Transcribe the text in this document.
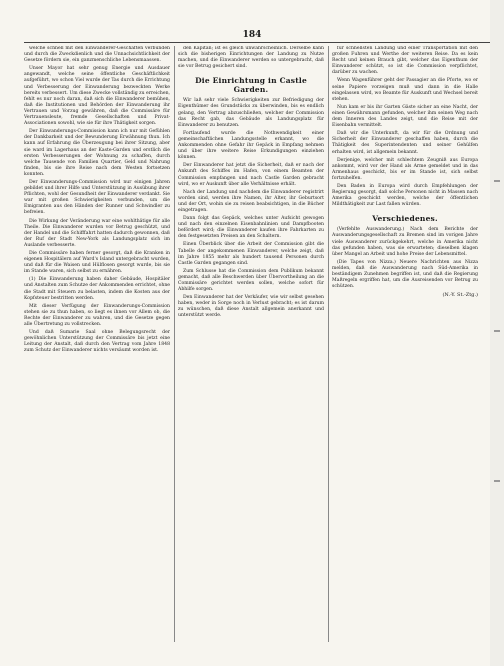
184

welche schnell mit den Einwanderer-Geschäften verbunden und durch die Zweckdienlich und die Unnachsichtlichkeit der Gesetze fördern sie, ein ganzmenschliche Lebensmaassen.

Unser Mayor hat sehr genug Energie und Ausdauer angewandt, welche seine öffentliche Geschäftlichkeit aufgeführt, wo schon Viel wurde der Tas durch die Errichtung und Verbesserung der Einwanderung bezweckten Werke bereits verbessert. Um diese Zwecke vollständig zu erreichen, fehlt es nur noch daran, daß sich die Einwanderer bemühen, daß die Institutionen und Behörden der Einwanderung ihr Vertrauen und Vorzug gewähren, daß die Commissäre für Vertrauensleute, fremde Gesellschaften und Privat-Associationen sowohl, wie sie für ihre Thätigkeit sorgen.

Der Einwanderungs-Commission kann ich nur mit Gefühlen der Dankbarkeit und der Bewunderung Erwähnung thun. Ich kann auf Erfahrung die Überzeugung bei ihrer Sitzung, aber sie ward im Lagerhaus an der Kaste-Garden und erstlich die ersten Verbesserungen der Wohnung zu schaffen, durch welche Tausende von Familien Quartier, Geld und Nahrung finden, bis sie ihre Reise nach dem Westen fortsetzen konnten.

Der Einwanderungs-Commission wird nur einigen Jahren gebildet und ihrer Hilfe und Unterstützung in Ausübung ihrer Pflichten, wohl der Gesundheit der Einwanderer verdankt. Sie war mit großen Schwierigkeiten verbunden, um die Emigranten aus den Händen der Runner und Schwindler zu befreien.

Die Wirkung der Veränderung war eine wohlthätige für alle Theile. Die Einwanderer wurden vor Betrug geschützt, und der Handel und die Schifffahrt hatten dadurch gewonnen, daß der Ruf der Stadt New-York als Landungsplatz sich im Auslande verbesserte.

Die Commissäre haben ferner gesorgt, daß die Kranken in eigenen Hospitälern auf Ward's Island untergebracht wurden, und daß für die Waisen und Hülflosen gesorgt wurde, bis sie im Stande waren, sich selbst zu ernähren.

(1) Die Einwanderung haben daher Gebäude, Hospitäler und Anstalten zum Schutze der Ankommenden errichtet, ohne die Stadt mit Steuern zu belasten, indem die Kosten aus der Kopfsteuer bestritten werden.

Mit dieser Verfügung der Einwanderungs-Commission stehen sie zu thun haben, so liegt es ihnen vor Allem ob, die Rechte der Einwanderer zu wahren, und die Gesetze gegen alle Übertretung zu vollstrecken.

Und daß Sumarie Saal ohne Belegungsrecht der gewöhnlichen Unterstützung der Commissäre bis jetzt eine Leitung der Anstalt, daß durch den Vertrag vom Jahre 1848 zum Schutz der Einwanderer nichts versäumt worden ist.

den Kapitän; ist es gleich unwahrscheinlich. Derselbe kann sich die bisherigen Einrichtungen der Landung zu Nutze machen, und die Einwanderer werden so untergebracht, daß sie vor Betrug gesichert sind.

Die Einrichtung in Castle Garden.

Wir laß sehr viele Schwierigkeiten zur Befriedigung der Eigenthümer des Grundstücks zu überwinden, bis es endlich gelang, den Vertrag abzuschließen, welcher der Commission das Recht gab, das Gebäude als Landungsplatz für Einwanderer zu benutzen.

Fortlaufend wurde die Nothwendigkeit einer gemeinschaftlichen Landungsstelle erkannt, wo die Ankommenden ohne Gefahr ihr Gepäck in Empfang nehmen und über ihre weitere Reise Erkundigungen einziehen können.

Der Einwanderer hat jetzt die Sicherheit, daß er nach der Ankunft des Schiffes im Hafen, von einem Beamten der Commission empfangen und nach Castle Garden gebracht wird, wo er Auskunft über alle Verhältnisse erhält.

Nach der Landung und nachdem die Einwanderer registrirt worden sind, werden ihre Namen, ihr Alter, ihr Geburtsort und der Ort, wohin sie zu reisen beabsichtigen, in die Bücher eingetragen.

Dann folgt das Gepäck, welches unter Aufsicht gewogen und nach den einzelnen Eisenbahnlinien und Dampfbooten befördert wird; die Einwanderer kaufen ihre Fahrkarten zu den festgesetzten Preisen an den Schaltern.

Einen Überblick über die Arbeit der Commission gibt die Tabelle der angekommenen Einwanderer, welche zeigt, daß im Jahre 1855 mehr als hundert tausend Personen durch Castle Garden gegangen sind.

Zum Schlusse hat die Commission dem Publikum bekannt gemacht, daß alle Beschwerden über Übervortheilung an die Commissäre gerichtet werden sollen, welche sofort für Abhilfe sorgen.

Den Einwanderer hat der Verkäufer, wie wir selbst gesehen haben, weder in Sorge noch in Verlust gebracht; es ist darum zu wünschen, daß diese Anstalt allgemein anerkannt und unterstützt werde.

für schnellsten Landung und einer Transportation mit den großen Fuhren und Werthe der weiteren Reise. Da es kein Recht und keinen Brauch gibt, welcher das Eigenthum der Einwanderer schützt, so ist die Commission verpflichtet, darüber zu wachen.

Wenn Wagenführer geht der Passagier an die Pforte, wo er seine Papiere vorzeigen muß und dann in die Halle eingelassen wird, wo Beamte für Auskunft und Wechsel bereit stehen.

Nun kam er bis ihr Garten Gäste sicher an eine Nacht, der einen Gewährsmann gefunden, welcher ihm seinen Weg nach dem Inneren des Landes zeigt, und die Reise mit der Eisenbahn vermittelt.

Daß wir die Unterkunft, da wir für die Ordnung und Sicherheit der Einwanderer geschaffen haben, durch die Thätigkeit des Superintendenten und seiner Gehülfen erhalten wird, ist allgemein bekannt.

Derjenige, welcher mit schlechtem Zeugniß aus Europa ankommt, wird vor der Hand als Arme gemeldet und in das Armenhaus geschickt, bis er im Stande ist, sich selbst fortzuhelfen.

Den Baden in Europa wird durch Empfehlungen der Regierung gesorgt, daß solche Personen nicht in Massen nach Amerika geschickt werden, welche der öffentlichen Mildthätigkeit zur Last fallen würden.

Verschiedenes.

(Verfehlte Auswanderung.) Nach dem Berichte der Auswanderungsgesellschaft zu Bremen sind im vorigen Jahre viele Auswanderer zurückgekehrt, welche in Amerika nicht das gefunden haben, was sie erwarteten; dieselben klagen über Mangel an Arbeit und hohe Preise der Lebensmittel.

(Die Tapes von Nizza.) Neuere Nachrichten aus Nizza melden, daß die Auswanderung nach Süd-Amerika in beständigem Zunehmen begriffen ist, und daß die Regierung Maßregeln ergriffen hat, um die Ausreisenden vor Betrug zu schützen.

(N.-Y. St.-Ztg.)
